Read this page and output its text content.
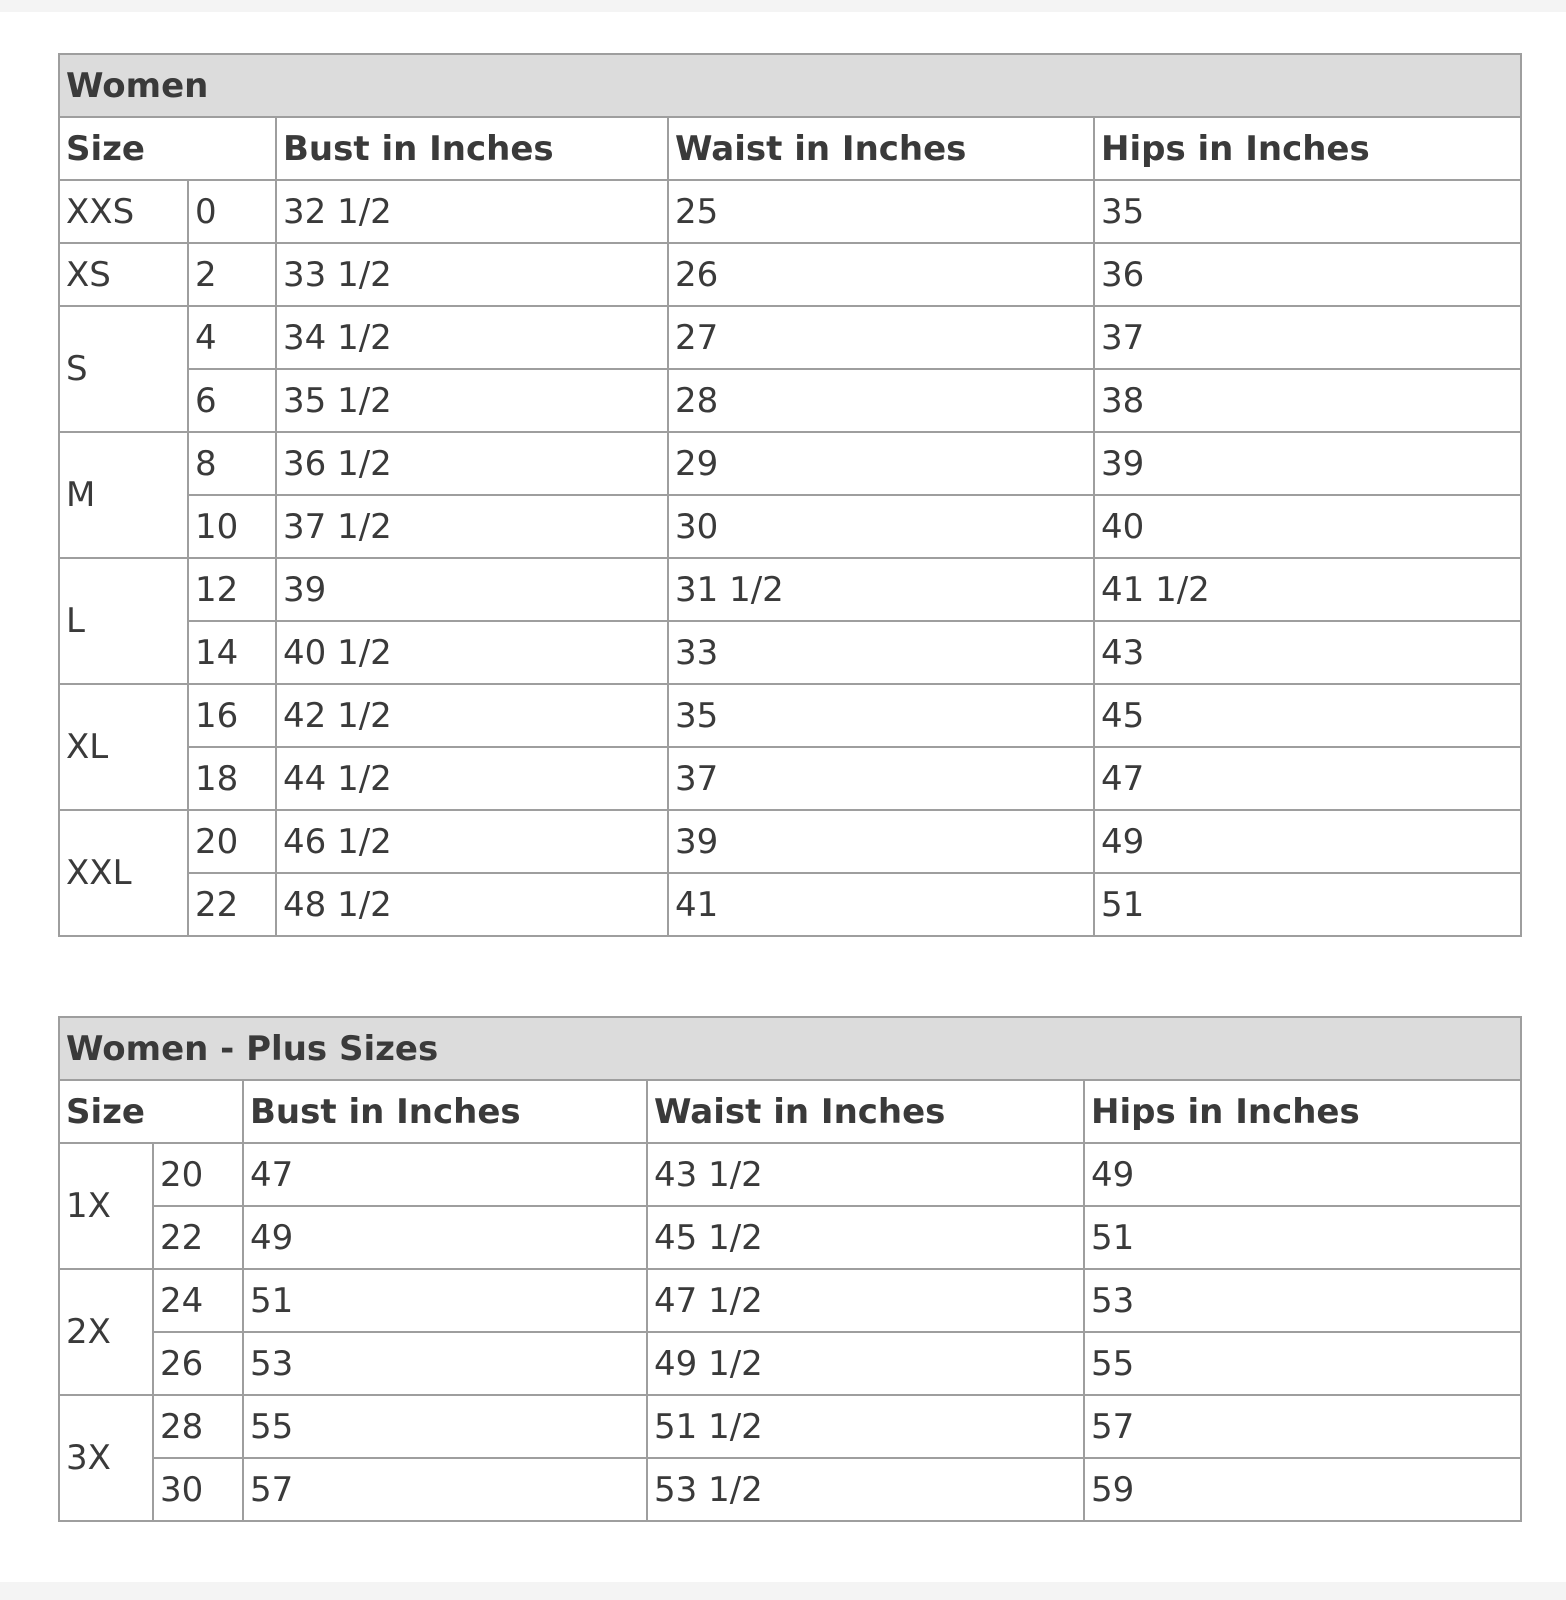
Women				
Size		Bust in Inches	Waist in Inches	Hips in Inches
XXS	0	32 1/2	25	35
XS	2	33 1/2	26	36
S	4	34 1/2	27	37
	6	35 1/2	28	38
M	8	36 1/2	29	39
	10	37 1/2	30	40
L	12	39	31 1/2	41 1/2
	14	40 1/2	33	43
XL	16	42 1/2	35	45
	18	44 1/2	37	47
XXL	20	46 1/2	39	49
	22	48 1/2	41	51
Women - Plus Sizes				
Size		Bust in Inches	Waist in Inches	Hips in Inches
1X	20	47	43 1/2	49
	22	49	45 1/2	51
2X	24	51	47 1/2	53
	26	53	49 1/2	55
3X	28	55	51 1/2	57
	30	57	53 1/2	59
